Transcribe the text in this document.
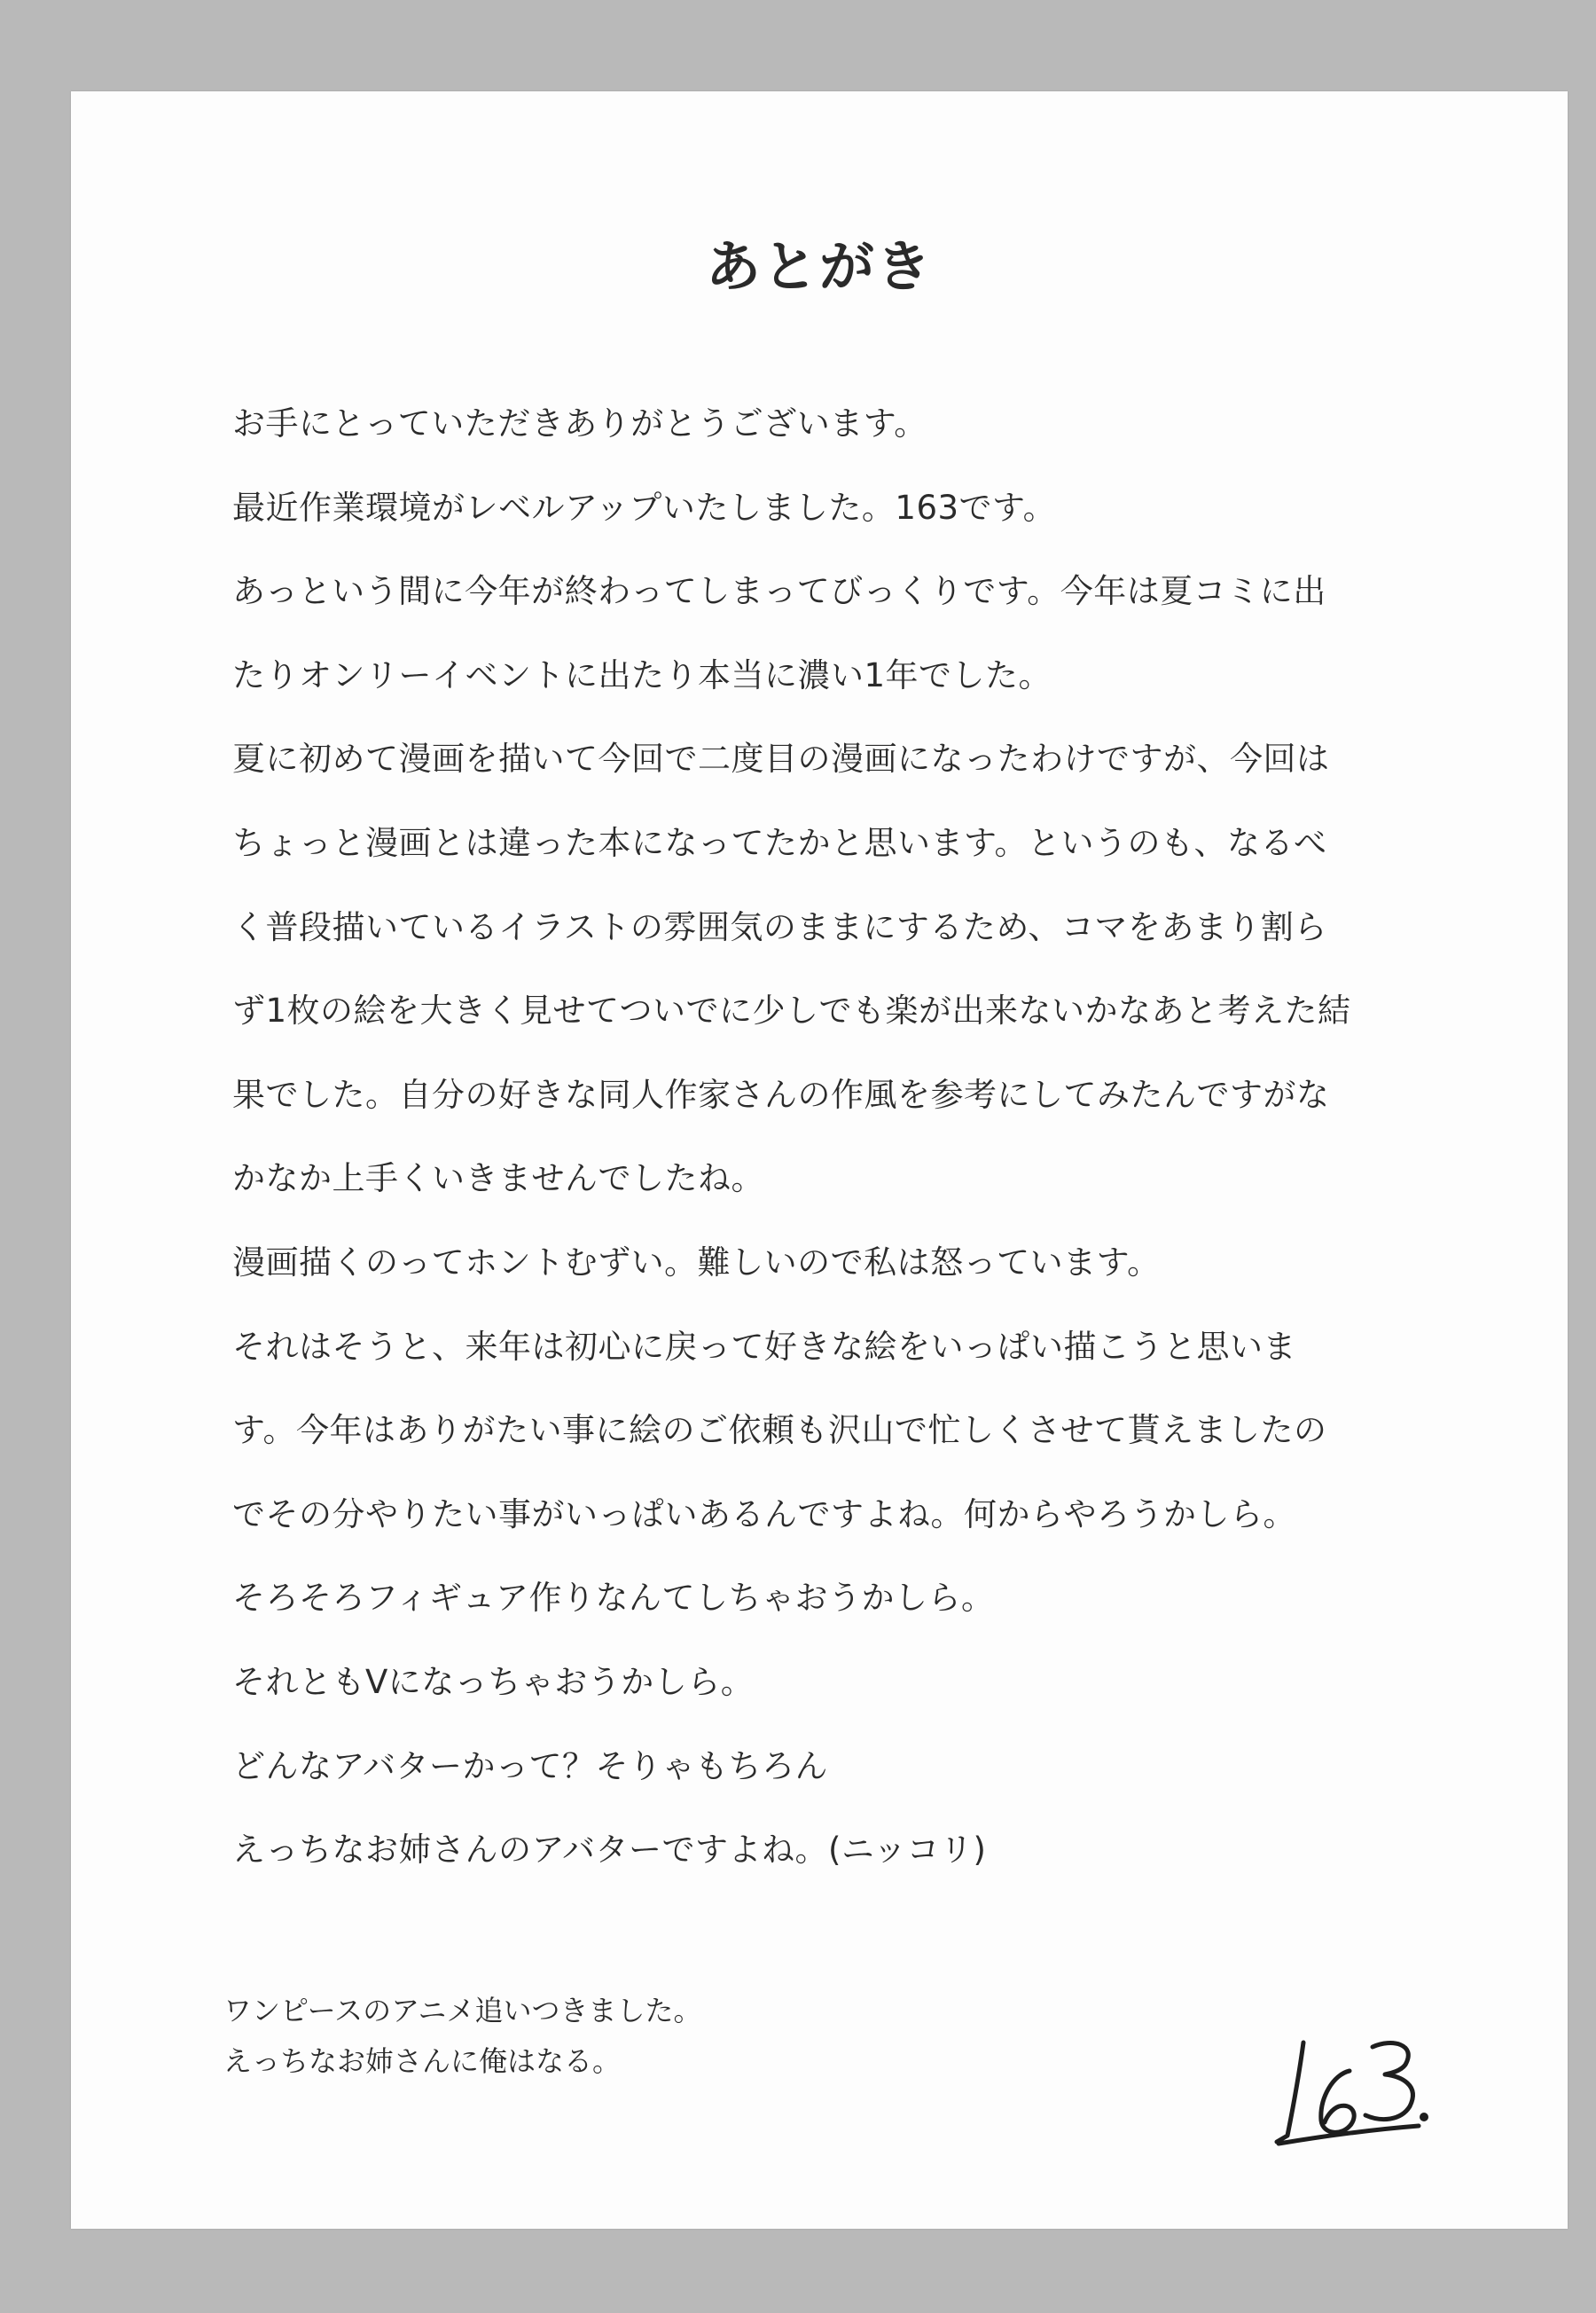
あとがき
お手にとっていただきありがとうございます。
最近作業環境がレベルアップいたしました。163です。
あっという間に今年が終わってしまってびっくりです。今年は夏コミに出
たりオンリーイベントに出たり本当に濃い1年でした。
夏に初めて漫画を描いて今回で二度目の漫画になったわけですが、今回は
ちょっと漫画とは違った本になってたかと思います。というのも、なるべ
く普段描いているイラストの雰囲気のままにするため、コマをあまり割ら
ず1枚の絵を大きく見せてついでに少しでも楽が出来ないかなあと考えた結
果でした。自分の好きな同人作家さんの作風を参考にしてみたんですがな
かなか上手くいきませんでしたね。
漫画描くのってホントむずい。難しいので私は怒っています。
それはそうと、来年は初心に戻って好きな絵をいっぱい描こうと思いま
す。今年はありがたい事に絵のご依頼も沢山で忙しくさせて貰えましたの
でその分やりたい事がいっぱいあるんですよね。何からやろうかしら。
そろそろフィギュア作りなんてしちゃおうかしら。
それともVになっちゃおうかしら。
どんなアバターかって？そりゃもちろん
えっちなお姉さんのアバターですよね。(ニッコリ)
ワンピースのアニメ追いつきました。
えっちなお姉さんに俺はなる。
